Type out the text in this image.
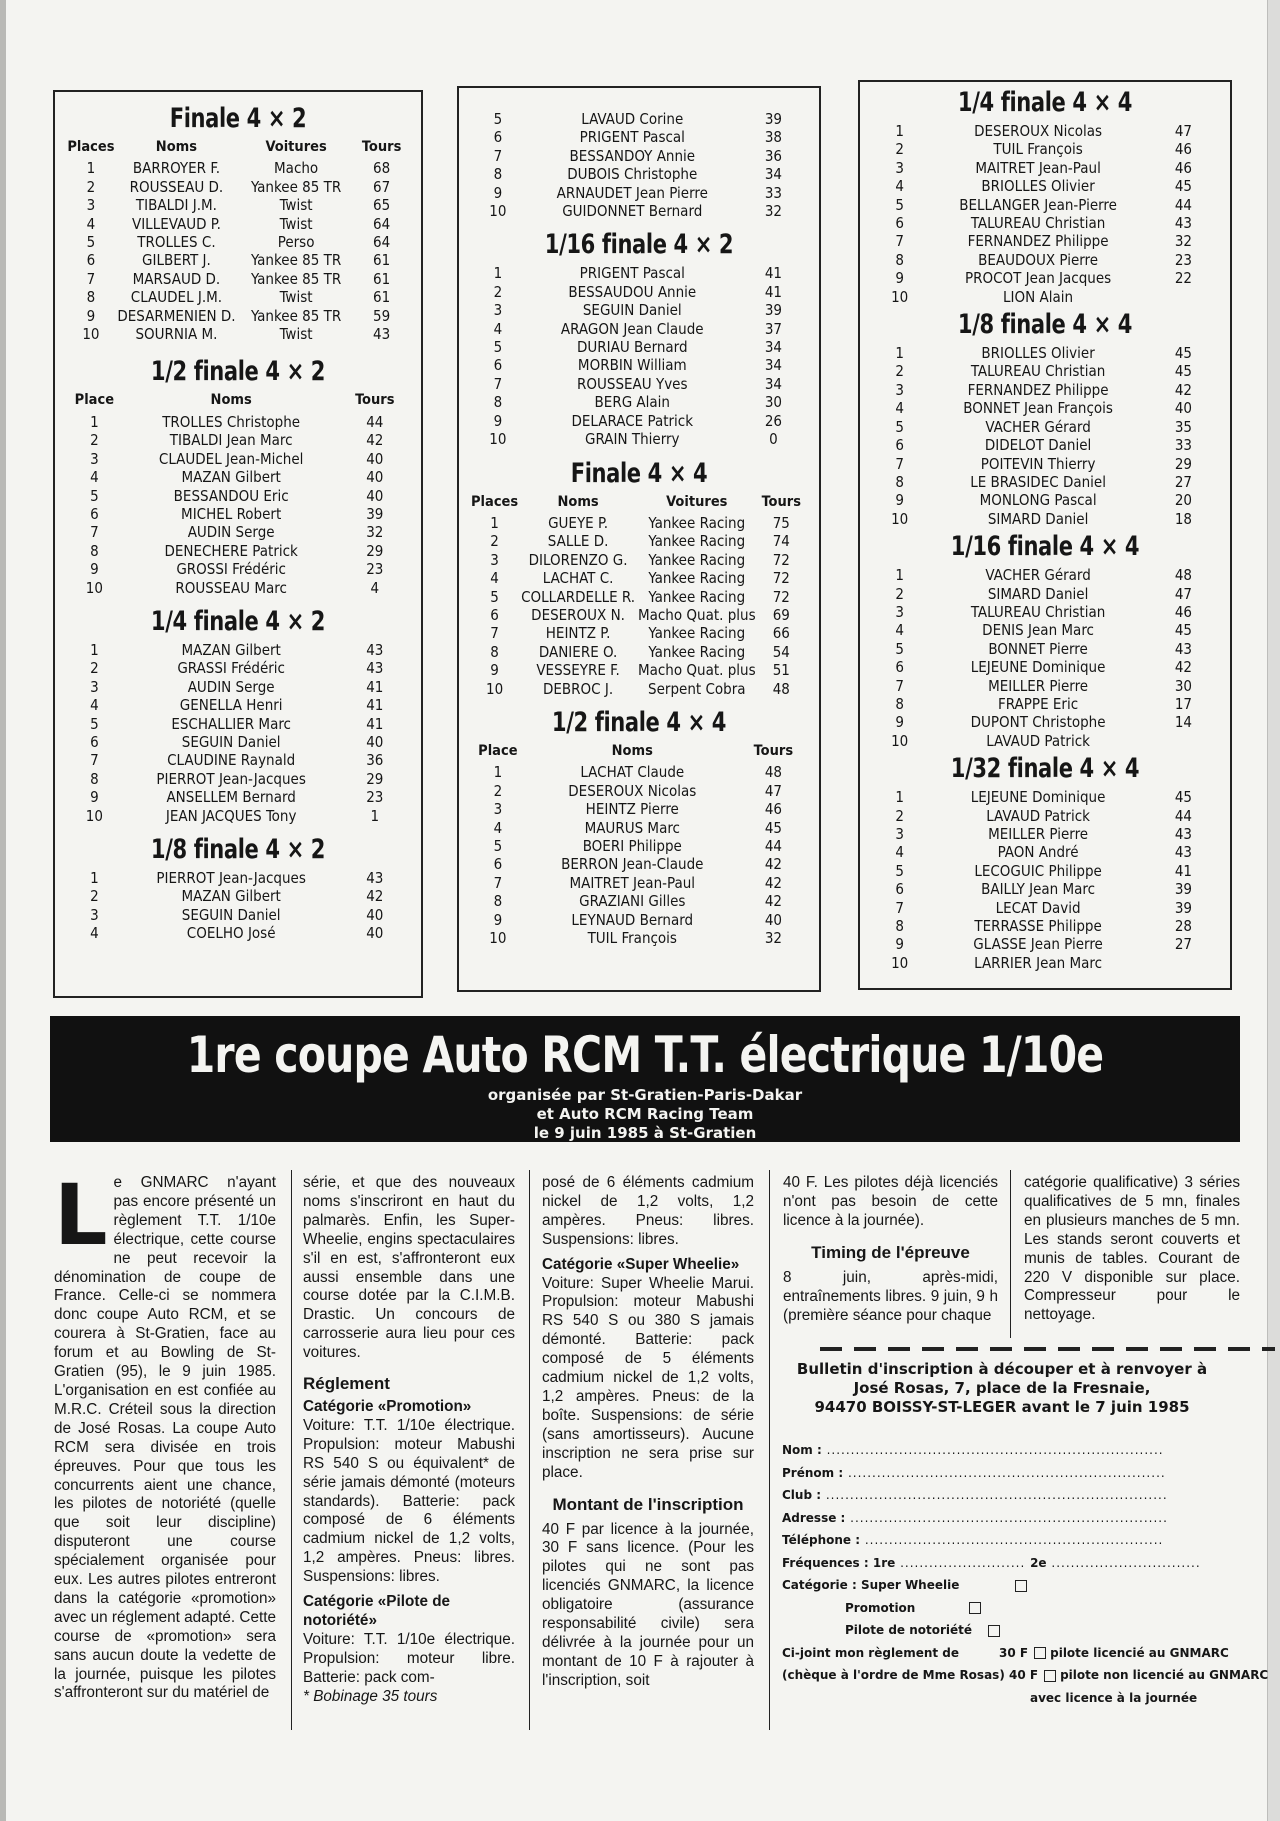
Finale 4 × 2
Places	Noms	Voitures	Tours
1	BARROYER F.	Macho	68
2	ROUSSEAU D.	Yankee 85 TR	67
3	TIBALDI J.M.	Twist	65
4	VILLEVAUD P.	Twist	64
5	TROLLES C.	Perso	64
6	GILBERT J.	Yankee 85 TR	61
7	MARSAUD D.	Yankee 85 TR	61
8	CLAUDEL J.M.	Twist	61
9	DESARMENIEN D.	Yankee 85 TR	59
10	SOURNIA M.	Twist	43
1/2 finale 4 × 2
Place	Noms	Tours
1	TROLLES Christophe	44
2	TIBALDI Jean Marc	42
3	CLAUDEL Jean-Michel	40
4	MAZAN Gilbert	40
5	BESSANDOU Eric	40
6	MICHEL Robert	39
7	AUDIN Serge	32
8	DENECHERE Patrick	29
9	GROSSI Frédéric	23
10	ROUSSEAU Marc	4
1/4 finale 4 × 2
1	MAZAN Gilbert	43
2	GRASSI Frédéric	43
3	AUDIN Serge	41
4	GENELLA Henri	41
5	ESCHALLIER Marc	41
6	SEGUIN Daniel	40
7	CLAUDINE Raynald	36
8	PIERROT Jean-Jacques	29
9	ANSELLEM Bernard	23
10	JEAN JACQUES Tony	1
1/8 finale 4 × 2
1	PIERROT Jean-Jacques	43
2	MAZAN Gilbert	42
3	SEGUIN Daniel	40
4	COELHO José	40
5	LAVAUD Corine	39
6	PRIGENT Pascal	38
7	BESSANDOY Annie	36
8	DUBOIS Christophe	34
9	ARNAUDET Jean Pierre	33
10	GUIDONNET Bernard	32
1/16 finale 4 × 2
1	PRIGENT Pascal	41
2	BESSAUDOU Annie	41
3	SEGUIN Daniel	39
4	ARAGON Jean Claude	37
5	DURIAU Bernard	34
6	MORBIN William	34
7	ROUSSEAU Yves	34
8	BERG Alain	30
9	DELARACE Patrick	26
10	GRAIN Thierry	0
Finale 4 × 4
Places	Noms	Voitures	Tours
1	GUEYE P.	Yankee Racing	75
2	SALLE D.	Yankee Racing	74
3	DILORENZO G.	Yankee Racing	72
4	LACHAT C.	Yankee Racing	72
5	COLLARDELLE R.	Yankee Racing	72
6	DESEROUX N.	Macho Quat. plus	69
7	HEINTZ P.	Yankee Racing	66
8	DANIERE O.	Yankee Racing	54
9	VESSEYRE F.	Macho Quat. plus	51
10	DEBROC J.	Serpent Cobra	48
1/2 finale 4 × 4
Place	Noms	Tours
1	LACHAT Claude	48
2	DESEROUX Nicolas	47
3	HEINTZ Pierre	46
4	MAURUS Marc	45
5	BOERI Philippe	44
6	BERRON Jean-Claude	42
7	MAITRET Jean-Paul	42
8	GRAZIANI Gilles	42
9	LEYNAUD Bernard	40
10	TUIL François	32
1/4 finale 4 × 4
1	DESEROUX Nicolas	47
2	TUIL François	46
3	MAITRET Jean-Paul	46
4	BRIOLLES Olivier	45
5	BELLANGER Jean-Pierre	44
6	TALUREAU Christian	43
7	FERNANDEZ Philippe	32
8	BEAUDOUX Pierre	23
9	PROCOT Jean Jacques	22
10	LION Alain	
1/8 finale 4 × 4
1	BRIOLLES Olivier	45
2	TALUREAU Christian	45
3	FERNANDEZ Philippe	42
4	BONNET Jean François	40
5	VACHER Gérard	35
6	DIDELOT Daniel	33
7	POITEVIN Thierry	29
8	LE BRASIDEC Daniel	27
9	MONLONG Pascal	20
10	SIMARD Daniel	18
1/16 finale 4 × 4
1	VACHER Gérard	48
2	SIMARD Daniel	47
3	TALUREAU Christian	46
4	DENIS Jean Marc	45
5	BONNET Pierre	43
6	LEJEUNE Dominique	42
7	MEILLER Pierre	30
8	FRAPPE Eric	17
9	DUPONT Christophe	14
10	LAVAUD Patrick	
1/32 finale 4 × 4
1	LEJEUNE Dominique	45
2	LAVAUD Patrick	44
3	MEILLER Pierre	43
4	PAON André	43
5	LECOGUIC Philippe	41
6	BAILLY Jean Marc	39
7	LECAT David	39
8	TERRASSE Philippe	28
9	GLASSE Jean Pierre	27
10	LARRIER Jean Marc	
1re coupe Auto RCM T.T. électrique 1/10e
organisée par St-Gratien-Paris-Dakar
et Auto RCM Racing Team
le 9 juin 1985 à St-Gratien
L e GNMARC n'ayant pas encore présenté un règlement T.T. 1/10e électrique, cette course ne peut recevoir la dénomination de coupe de France. Celle-ci se nommera donc coupe Auto RCM, et se courera à St-Gratien, face au forum et au Bowling de St-Gratien (95), le 9 juin 1985. L'organisation en est confiée au M.R.C. Créteil sous la direction de José Rosas. La coupe Auto RCM sera divisée en trois épreuves. Pour que tous les concurrents aient une chance, les pilotes de notoriété (quelle que soit leur discipline) disputeront une course spécialement organisée pour eux. Les autres pilotes entreront dans la catégorie «promotion» avec un réglement adapté. Cette course de «promotion» sera sans aucun doute la vedette de la journée, puisque les pilotes s'affronteront sur du matériel de

série, et que des nouveaux noms s'inscriront en haut du palmarès. Enfin, les Super-Wheelie, engins spectaculaires s'il en est, s'affronteront eux aussi ensemble dans une course dotée par la C.I.M.B. Drastic. Un concours de carrosserie aura lieu pour ces voitures.

Réglement

Catégorie «Promotion»

Voiture: T.T. 1/10e électrique. Propulsion: moteur Mabushi RS 540 S ou équivalent* de série jamais démonté (moteurs standards). Batterie: pack composé de 6 éléments cadmium nickel de 1,2 volts, 1,2 ampères. Pneus: libres. Suspensions: libres.

Catégorie «Pilote de notoriété»

Voiture: T.T. 1/10e électrique. Propulsion: moteur libre. Batterie: pack com-

* Bobinage 35 tours

posé de 6 éléments cadmium nickel de 1,2 volts, 1,2 ampères. Pneus: libres. Suspensions: libres.

Catégorie «Super Wheelie»

Voiture: Super Wheelie Marui. Propulsion: moteur Mabushi RS 540 S ou 380 S jamais démonté. Batterie: pack composé de 5 éléments cadmium nickel de 1,2 volts, 1,2 ampères. Pneus: de la boîte. Suspensions: de série (sans amortisseurs). Aucune inscription ne sera prise sur place.

Montant de l'inscription

40 F par licence à la journée, 30 F sans licence. (Pour les pilotes qui ne sont pas licenciés GNMARC, la licence obligatoire (assurance responsabilité civile) sera délivrée à la journée pour un montant de 10 F à rajouter à l'inscription, soit

40 F. Les pilotes déjà licenciés n'ont pas besoin de cette licence à la journée).

Timing de l'épreuve

8 juin, après-midi, entraînements libres. 9 juin, 9 h (première séance pour chaque

catégorie qualificative) 3 séries qualificatives de 5 mn, finales en plusieurs manches de 5 mn. Les stands seront couverts et munis de tables. Courant de 220 V disponible sur place. Compresseur pour le nettoyage.

Bulletin d'inscription à découper et à renvoyer à
José Rosas, 7, place de la Fresnaie,
94470 BOISSY-ST-LEGER avant le 7 juin 1985
Nom : ......................................................................
Prénom : ..................................................................
Club : .......................................................................
Adresse : ..................................................................
Téléphone : ..............................................................
Fréquences : 1re .......................... 2e ...............................
Catégorie : Super Wheelie
Promotion
Pilote de notoriété
Ci-joint mon règlement de	30 F pilote licencié au GNMARC
(chèque à l'ordre de Mme Rosas) 40 F pilote non licencié au GNMARC
avec licence à la journée
